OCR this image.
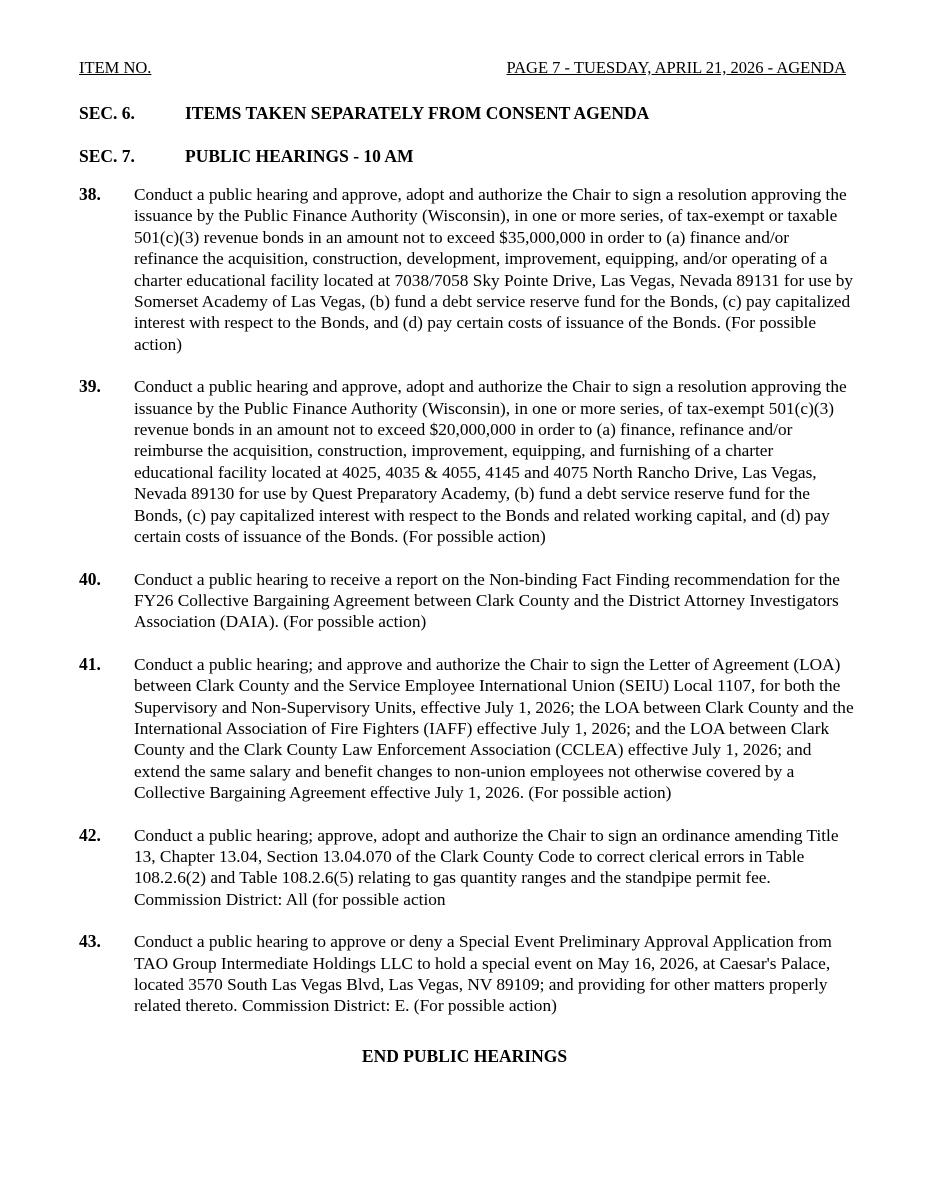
ITEM NO.	PAGE 7 - TUESDAY, APRIL 21, 2026 - AGENDA
SEC. 6.	ITEMS TAKEN SEPARATELY FROM CONSENT AGENDA
SEC. 7.	PUBLIC HEARINGS - 10 AM
38. Conduct a public hearing and approve, adopt and authorize the Chair to sign a resolution approving the issuance by the Public Finance Authority (Wisconsin), in one or more series, of tax-exempt or taxable 501(c)(3) revenue bonds in an amount not to exceed $35,000,000 in order to (a) finance and/or refinance the acquisition, construction, development, improvement, equipping, and/or operating of a charter educational facility located at 7038/7058 Sky Pointe Drive, Las Vegas, Nevada 89131 for use by Somerset Academy of Las Vegas, (b) fund a debt service reserve fund for the Bonds, (c) pay capitalized interest with respect to the Bonds, and (d) pay certain costs of issuance of the Bonds. (For possible action)
39. Conduct a public hearing and approve, adopt and authorize the Chair to sign a resolution approving the issuance by the Public Finance Authority (Wisconsin), in one or more series, of tax-exempt 501(c)(3) revenue bonds in an amount not to exceed $20,000,000 in order to (a) finance, refinance and/or reimburse the acquisition, construction, improvement, equipping, and furnishing of a charter educational facility located at 4025, 4035 & 4055, 4145 and 4075 North Rancho Drive, Las Vegas, Nevada 89130 for use by Quest Preparatory Academy, (b) fund a debt service reserve fund for the Bonds, (c) pay capitalized interest with respect to the Bonds and related working capital, and (d) pay certain costs of issuance of the Bonds. (For possible action)
40. Conduct a public hearing to receive a report on the Non-binding Fact Finding recommendation for the FY26 Collective Bargaining Agreement between Clark County and the District Attorney Investigators Association (DAIA). (For possible action)
41. Conduct a public hearing; and approve and authorize the Chair to sign the Letter of Agreement (LOA) between Clark County and the Service Employee International Union (SEIU) Local 1107, for both the Supervisory and Non-Supervisory Units, effective July 1, 2026; the LOA between Clark County and the International Association of Fire Fighters (IAFF) effective July 1, 2026; and the LOA between Clark County and the Clark County Law Enforcement Association (CCLEA) effective July 1, 2026; and extend the same salary and benefit changes to non-union employees not otherwise covered by a Collective Bargaining Agreement effective July 1, 2026. (For possible action)
42. Conduct a public hearing; approve, adopt and authorize the Chair to sign an ordinance amending Title 13, Chapter 13.04, Section 13.04.070 of the Clark County Code to correct clerical errors in Table 108.2.6(2) and Table 108.2.6(5) relating to gas quantity ranges and the standpipe permit fee. Commission District: All (for possible action
43. Conduct a public hearing to approve or deny a Special Event Preliminary Approval Application from TAO Group Intermediate Holdings LLC to hold a special event on May 16, 2026, at Caesar's Palace, located 3570 South Las Vegas Blvd, Las Vegas, NV 89109; and providing for other matters properly related thereto. Commission District: E. (For possible action)
END PUBLIC HEARINGS
